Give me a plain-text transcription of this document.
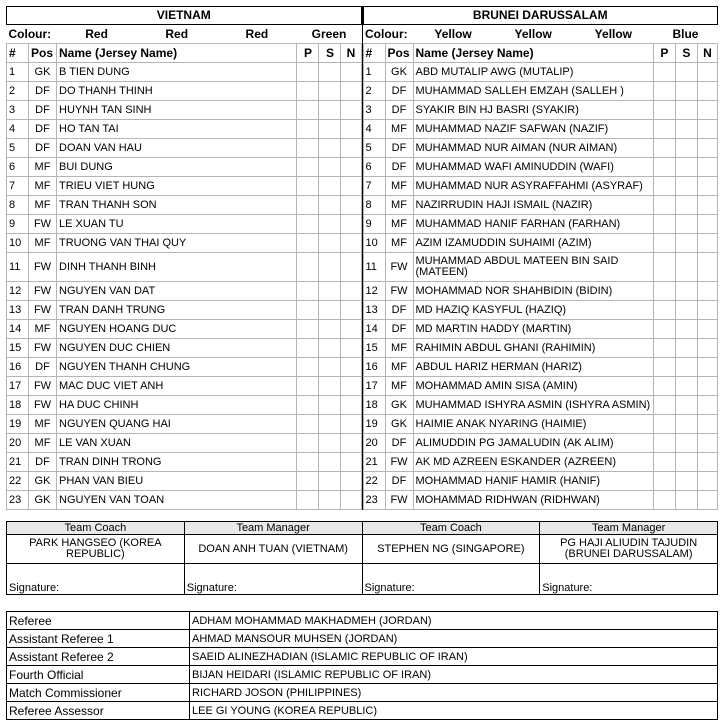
VIETNAM					
Colour:		Red Red Red	Green		
#	Pos	Name (Jersey Name)	P	S	N
1	GK	B TIEN DUNG			
2	DF	DO THANH THINH			
3	DF	HUYNH TAN SINH			
4	DF	HO TAN TAI			
5	DF	DOAN VAN HAU			
6	MF	BUI DUNG			
7	MF	TRIEU VIET HUNG			
8	MF	TRAN THANH SON			
9	FW	LE XUAN TU			
10	MF	TRUONG VAN THAI QUY			
11	FW	DINH THANH BINH			
12	FW	NGUYEN VAN DAT			
13	FW	TRAN DANH TRUNG			
14	MF	NGUYEN HOANG DUC			
15	FW	NGUYEN DUC CHIEN			
16	DF	NGUYEN THANH CHUNG			
17	FW	MAC DUC VIET ANH			
18	FW	HA DUC CHINH			
19	MF	NGUYEN QUANG HAI			
20	MF	LE VAN XUAN			
21	DF	TRAN DINH TRONG			
22	GK	PHAN VAN BIEU			
23	GK	NGUYEN VAN TOAN			
BRUNEI DARUSSALAM					
Colour:		Yellow Yellow Yellow	Blue		
#	Pos	Name (Jersey Name)	P	S	N
1	GK	ABD MUTALIP AWG (MUTALIP)			
2	DF	MUHAMMAD SALLEH EMZAH (SALLEH )			
3	DF	SYAKIR BIN HJ BASRI (SYAKIR)			
4	MF	MUHAMMAD NAZIF SAFWAN (NAZIF)			
5	DF	MUHAMMAD NUR AIMAN (NUR AIMAN)			
6	DF	MUHAMMAD WAFI AMINUDDIN (WAFI)			
7	MF	MUHAMMAD NUR ASYRAFFAHMI (ASYRAF)			
8	MF	NAZIRRUDIN HAJI ISMAIL (NAZIR)			
9	MF	MUHAMMAD HANIF FARHAN (FARHAN)			
10	MF	AZIM IZAMUDDIN SUHAIMI (AZIM)			
11	FW	MUHAMMAD ABDUL MATEEN BIN SAID (MATEEN)			
12	FW	MOHAMMAD NOR SHAHBIDIN (BIDIN)			
13	DF	MD HAZIQ KASYFUL (HAZIQ)			
14	DF	MD MARTIN HADDY (MARTIN)			
15	MF	RAHIMIN ABDUL GHANI (RAHIMIN)			
16	MF	ABDUL HARIZ HERMAN (HARIZ)			
17	MF	MOHAMMAD AMIN SISA (AMIN)			
18	GK	MUHAMMAD ISHYRA ASMIN (ISHYRA ASMIN)			
19	GK	HAIMIE ANAK NYARING (HAIMIE)			
20	DF	ALIMUDDIN PG JAMALUDIN (AK ALIM)			
21	FW	AK MD AZREEN ESKANDER (AZREEN)			
22	DF	MOHAMMAD HANIF HAMIR (HANIF)			
23	FW	MOHAMMAD RIDHWAN (RIDHWAN)			
Team Coach	Team Manager	Team Coach	Team Manager
PARK HANGSEO (KOREA REPUBLIC)	DOAN ANH TUAN (VIETNAM)	STEPHEN NG (SINGAPORE)	PG HAJI ALIUDIN TAJUDIN (BRUNEI DARUSSALAM)
Signature:	Signature:	Signature:	Signature:
Referee	ADHAM MOHAMMAD MAKHADMEH (JORDAN)
Assistant Referee 1	AHMAD MANSOUR MUHSEN (JORDAN)
Assistant Referee 2	SAEID ALINEZHADIAN (ISLAMIC REPUBLIC OF IRAN)
Fourth Official	BIJAN HEIDARI (ISLAMIC REPUBLIC OF IRAN)
Match Commissioner	RICHARD JOSON (PHILIPPINES)
Referee Assessor	LEE GI YOUNG (KOREA REPUBLIC)
